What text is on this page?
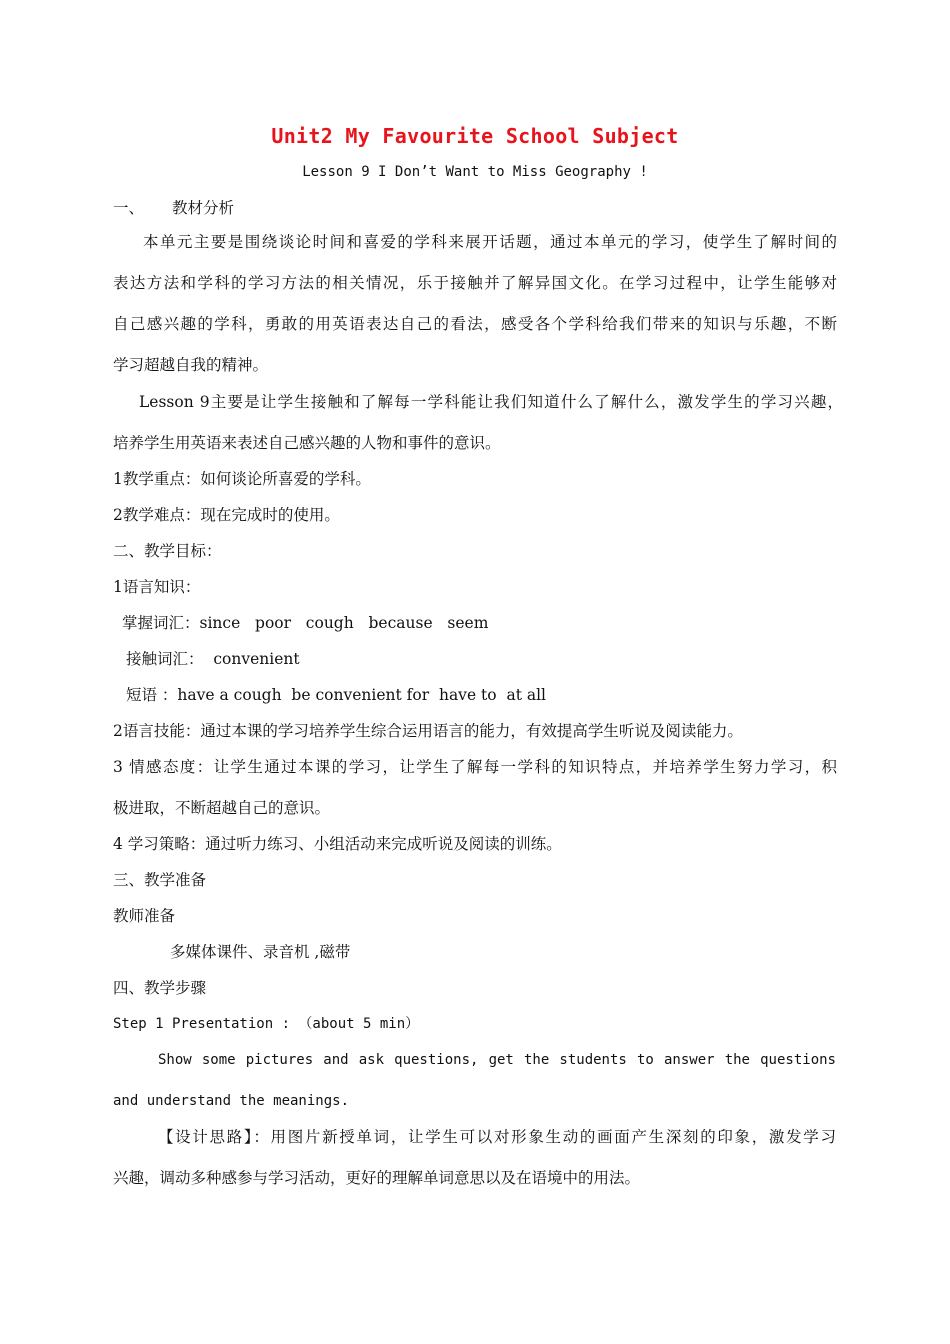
Unit2 My Favourite School Subject
Lesson 9 I Don’t Want to Miss Geography !
一、 教材分析
本单元主要是围绕谈论时间和喜爱的学科来展开话题，通过本单元的学习，使学生了解时间的
表达方法和学科的学习方法的相关情况，乐于接触并了解异国文化。在学习过程中，让学生能够对
自己感兴趣的学科，勇敢的用英语表达自己的看法，感受各个学科给我们带来的知识与乐趣，不断
学习超越自我的精神。
Lesson 9主要是让学生接触和了解每一学科能让我们知道什么了解什么，激发学生的学习兴趣，
培养学生用英语来表述自己感兴趣的人物和事件的意识。
1教学重点：如何谈论所喜爱的学科。
2教学难点：现在完成时的使用。
二、教学目标：
1语言知识：
掌握词汇：since   poor   cough   because   seem
接触词汇：  convenient
短语 ：have a cough  be convenient for  have to  at all
2语言技能：通过本课的学习培养学生综合运用语言的能力，有效提高学生听说及阅读能力。
3 情感态度：让学生通过本课的学习，让学生了解每一学科的知识特点，并培养学生努力学习，积
极进取，不断超越自己的意识。
4 学习策略：通过听力练习、小组活动来完成听说及阅读的训练。
三、教学准备
教师准备
多媒体课件、录音机 ,磁带
四、教学步骤
Step 1 Presentation : （about 5 min）
Show some pictures and ask questions, get the students to answer the questions
and understand the meanings.
【设计思路】：用图片新授单词，让学生可以对形象生动的画面产生深刻的印象，激发学习
兴趣，调动多种感参与学习活动，更好的理解单词意思以及在语境中的用法。
